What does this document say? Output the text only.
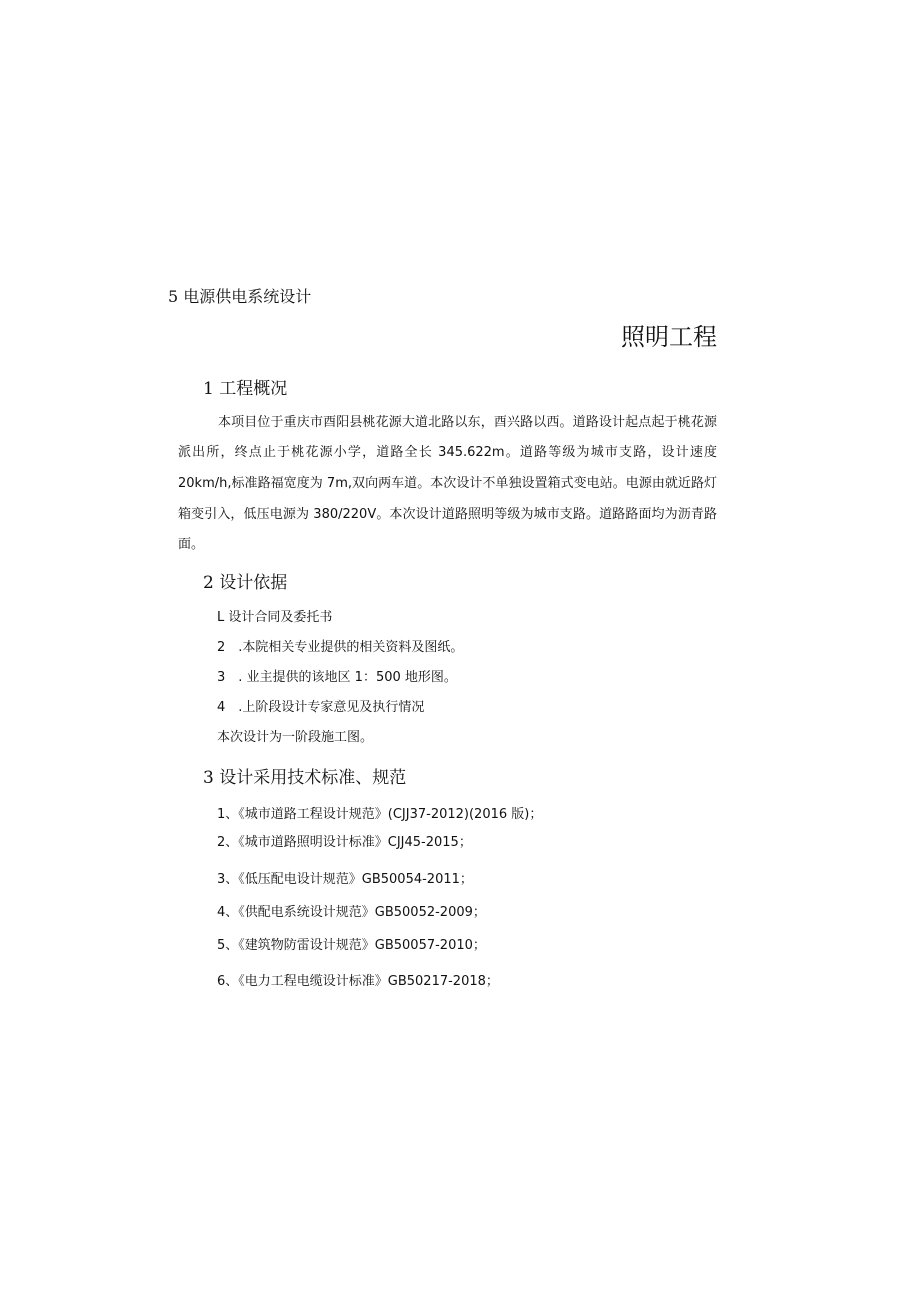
5 电源供电系统设计
照明工程
1 工程概况
本项目位于重庆市酉阳县桃花源大道北路以东，酉兴路以西。道路设计起点起于桃花源
派出所，终点止于桃花源小学，道路全长 345.622m。道路等级为城市支路，设计速度
20km/h,标准路福宽度为 7m,双向两车道。本次设计不单独设置箱式变电站。电源由就近路灯
箱变引入，低压电源为 380/220V。本次设计道路照明等级为城市支路。道路路面均为沥青路
面。
2 设计依据
L 设计合同及委托书
2　.本院相关专业提供的相关资料及图纸。
3　. 业主提供的该地区 1：500 地形图。
4　.上阶段设计专家意见及执行情况
本次设计为一阶段施工图。
3 设计采用技术标准、规范
1、《城市道路工程设计规范》(CJJ37-2012)(2016 版)；
2、《城市道路照明设计标准》CJJ45-2015；
3、《低压配电设计规范》GB50054-2011；
4、《供配电系统设计规范》GB50052-2009；
5、《建筑物防雷设计规范》GB50057-2010；
6、《电力工程电缆设计标准》GB50217-2018；
